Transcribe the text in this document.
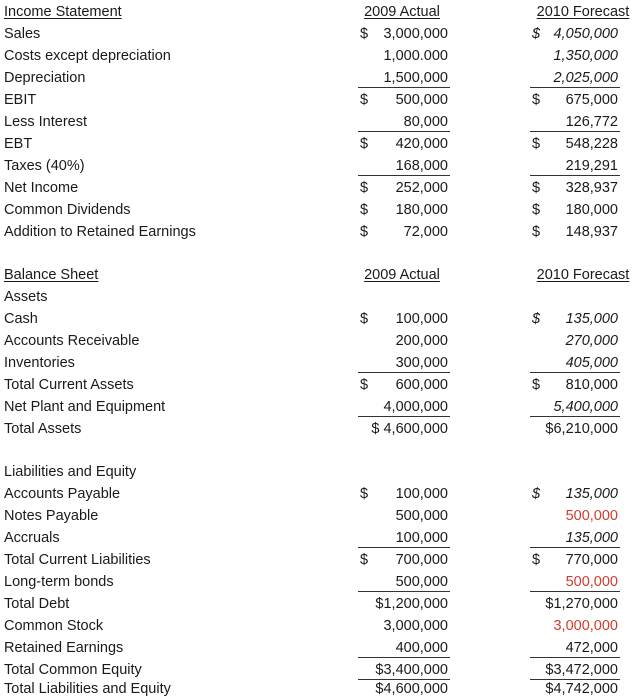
Income Statement	2009 Actual	2010 Forecast
Sales	$ 3,000,000	$ 4,050,000
Costs except depreciation	1,000.000	1,350,000
Depreciation	1,500,000	2,025,000
EBIT	$ 500,000	$ 675,000
Less Interest	80,000	126,772
EBT	$ 420,000	$ 548,228
Taxes (40%)	168,000	219,291
Net Income	$ 252,000	$ 328,937
Common Dividends	$ 180,000	$ 180,000
Addition to Retained Earnings	$ 72,000	$ 148,937
Balance Sheet	2009 Actual	2010 Forecast
Assets
Cash	$ 100,000	$ 135,000
Accounts Receivable	200,000	270,000
Inventories	300,000	405,000
Total Current Assets	$ 600,000	$ 810,000
Net Plant and Equipment	4,000,000	5,400,000
Total Assets	$ 4,600,000	$6,210,000
Liabilities and Equity
Accounts Payable	$ 100,000	$ 135,000
Notes Payable	500,000	500,000
Accruals	100,000	135,000
Total Current Liabilities	$ 700,000	$ 770,000
Long-term bonds	500,000	500,000
Total Debt	$1,200,000	$1,270,000
Common Stock	3,000,000	3,000,000
Retained Earnings	400,000	472,000
Total Common Equity	$3,400,000	$3,472,000
Total Liabilities and Equity	$4,600,000	$4,742,000
